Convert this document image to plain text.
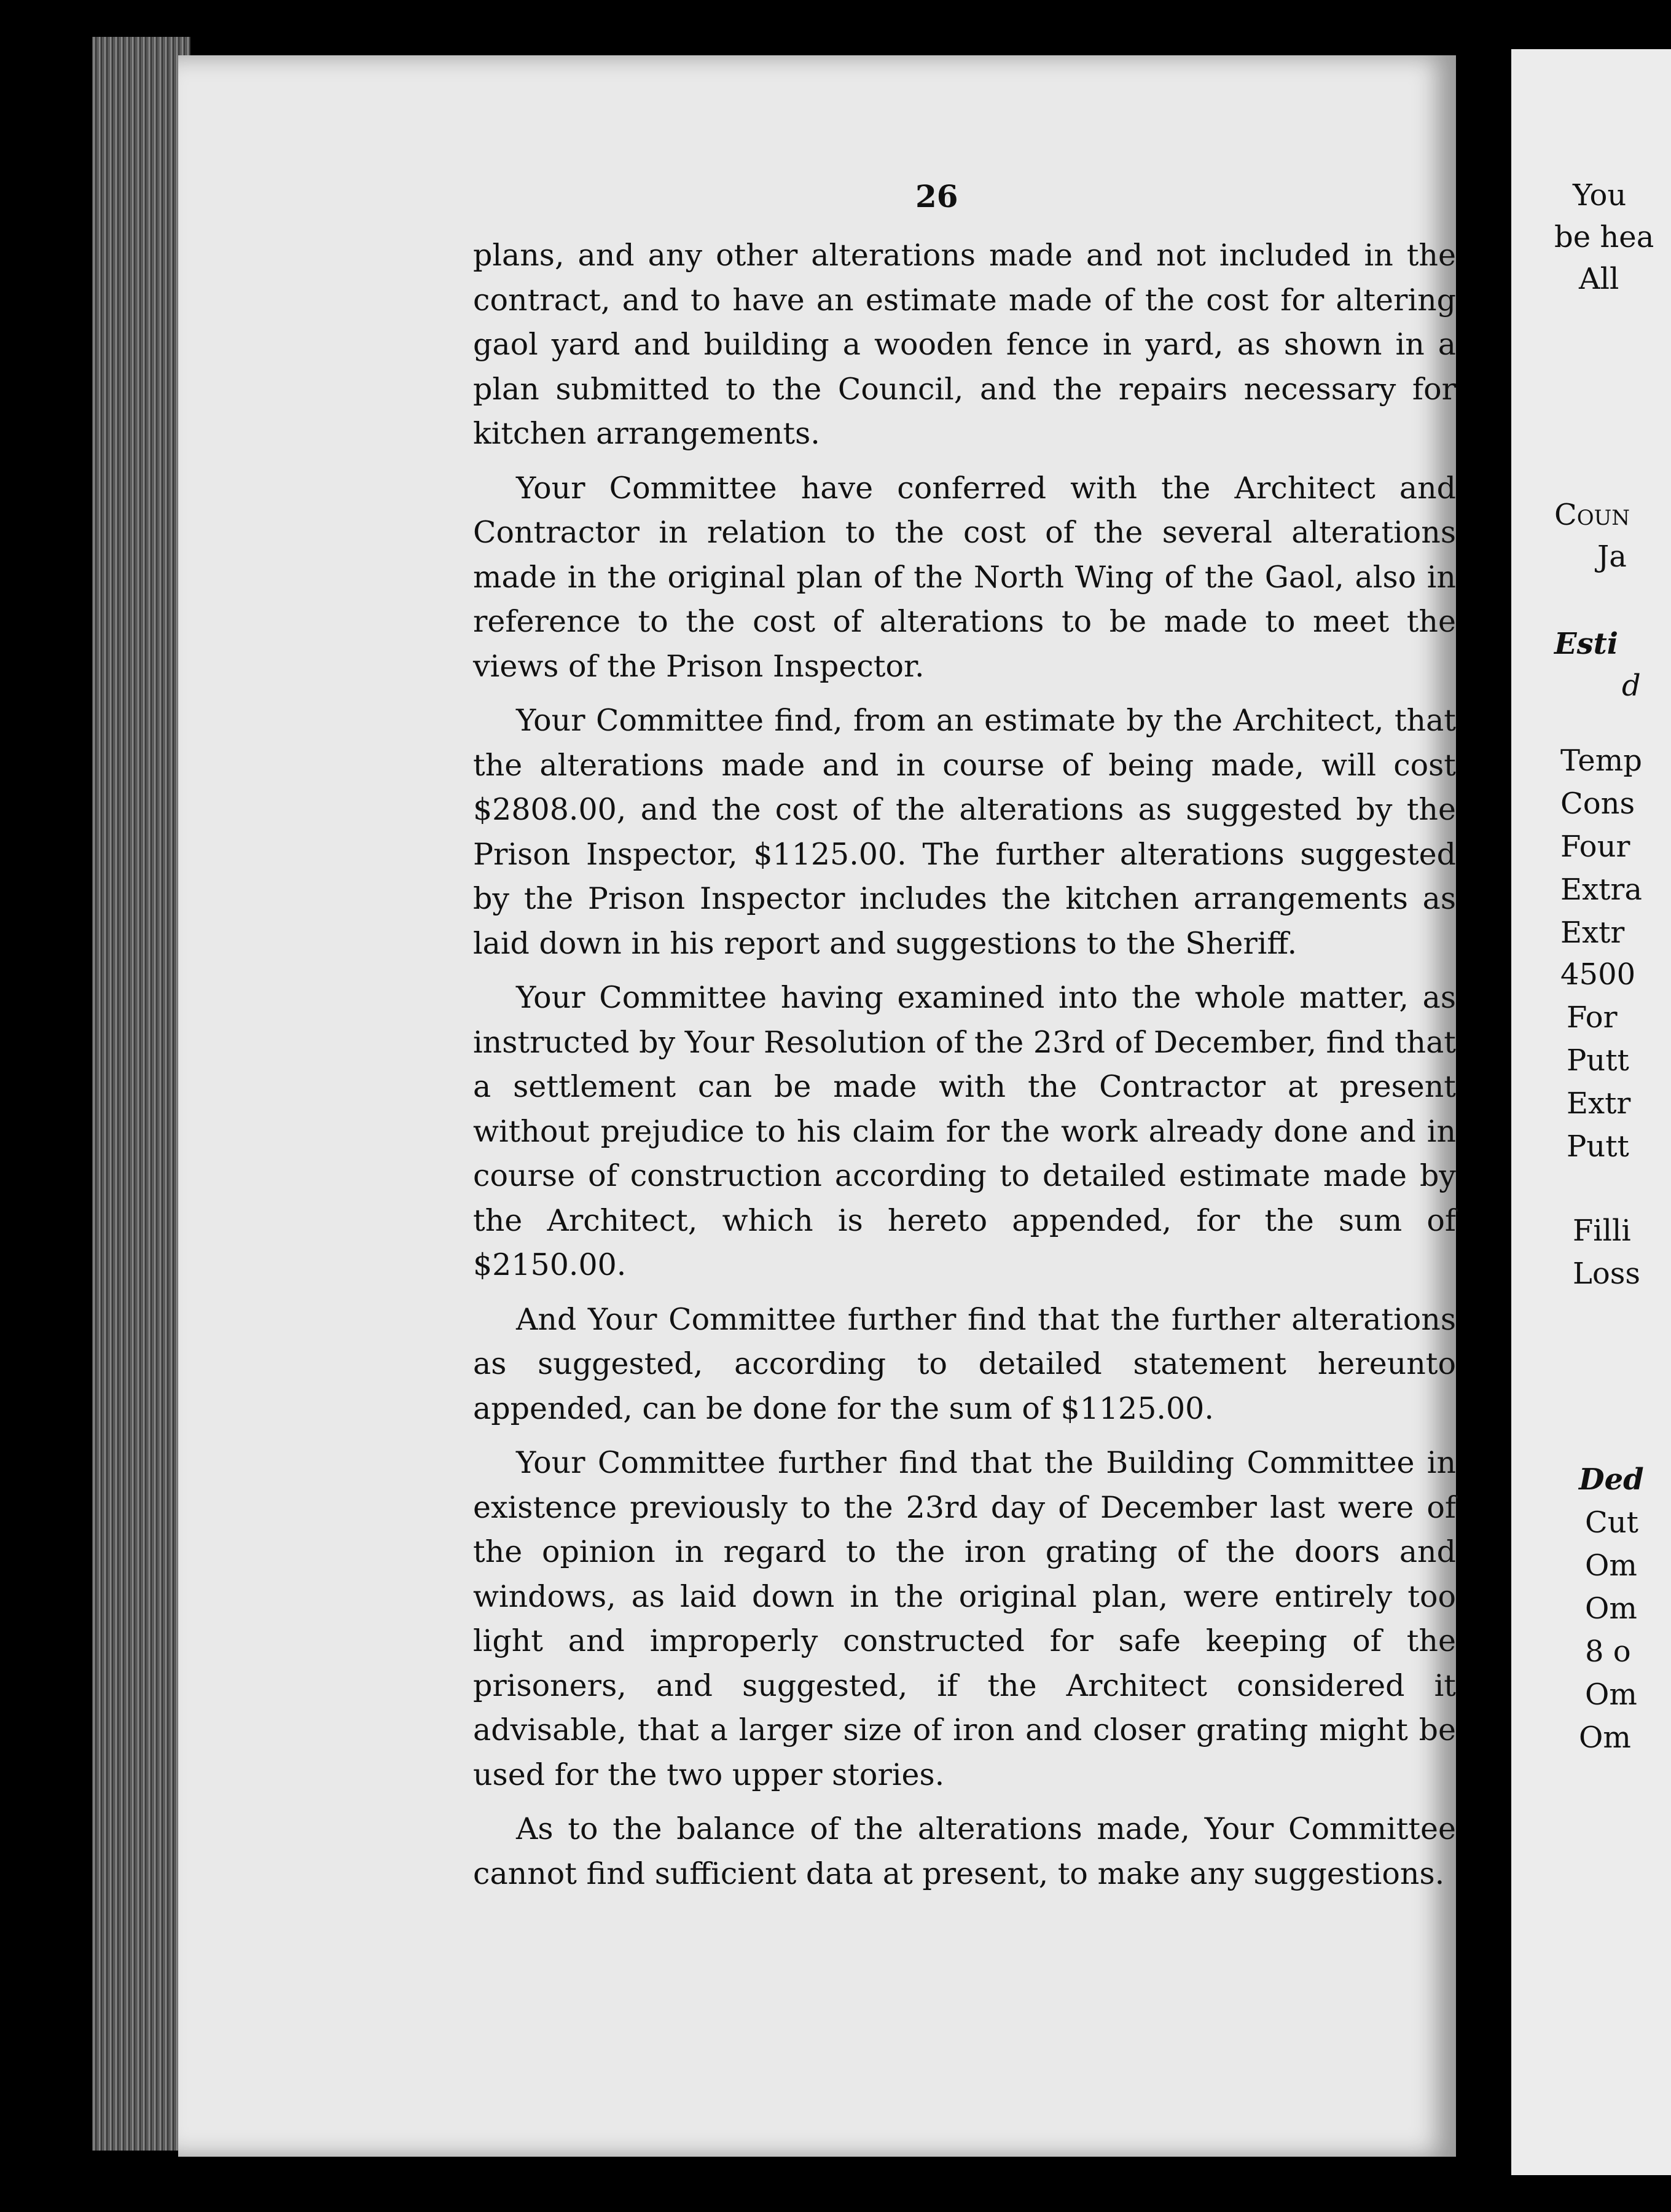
26

plans, and any other alterations made and not included in the contract, and to have an estimate made of the cost for altering gaol yard and building a wooden fence in yard, as shown in a plan submitted to the Council, and the repairs necessary for kitchen arrangements.

Your Committee have conferred with the Architect and Contractor in relation to the cost of the several alterations made in the original plan of the North Wing of the Gaol, also in reference to the cost of alterations to be made to meet the views of the Prison Inspector.

Your Committee find, from an estimate by the Architect, that the alterations made and in course of being made, will cost $2808.00, and the cost of the alterations as suggested by the Prison Inspector, $1125.00. The further alterations suggested by the Prison Inspector includes the kitchen arrangements as laid down in his report and suggestions to the Sheriff.

Your Committee having examined into the whole matter, as instructed by Your Resolution of the 23rd of December, find that a settlement can be made with the Contractor at present without prejudice to his claim for the work already done and in course of construction according to detailed estimate made by the Architect, which is hereto appended, for the sum of $2150.00.

And Your Committee further find that the further alterations as suggested, according to detailed statement hereunto appended, can be done for the sum of $1125.00.

Your Committee further find that the Building Committee in existence previously to the 23rd day of December last were of the opinion in regard to the iron grating of the doors and windows, as laid down in the original plan, were entirely too light and improperly constructed for safe keeping of the prisoners, and suggested, if the Architect considered it advisable, that a larger size of iron and closer grating might be used for the two upper stories.

As to the balance of the alterations made, Your Committee cannot find sufficient data at present, to make any suggestions.

You
be hea
All
Coun
Ja
Esti
d
Temp
Cons
Four
Extra
Extr
4500
For
Putt
Extr
Putt
Filli
Loss
Ded
Cut
Om
Om
8 o
Om
Om
